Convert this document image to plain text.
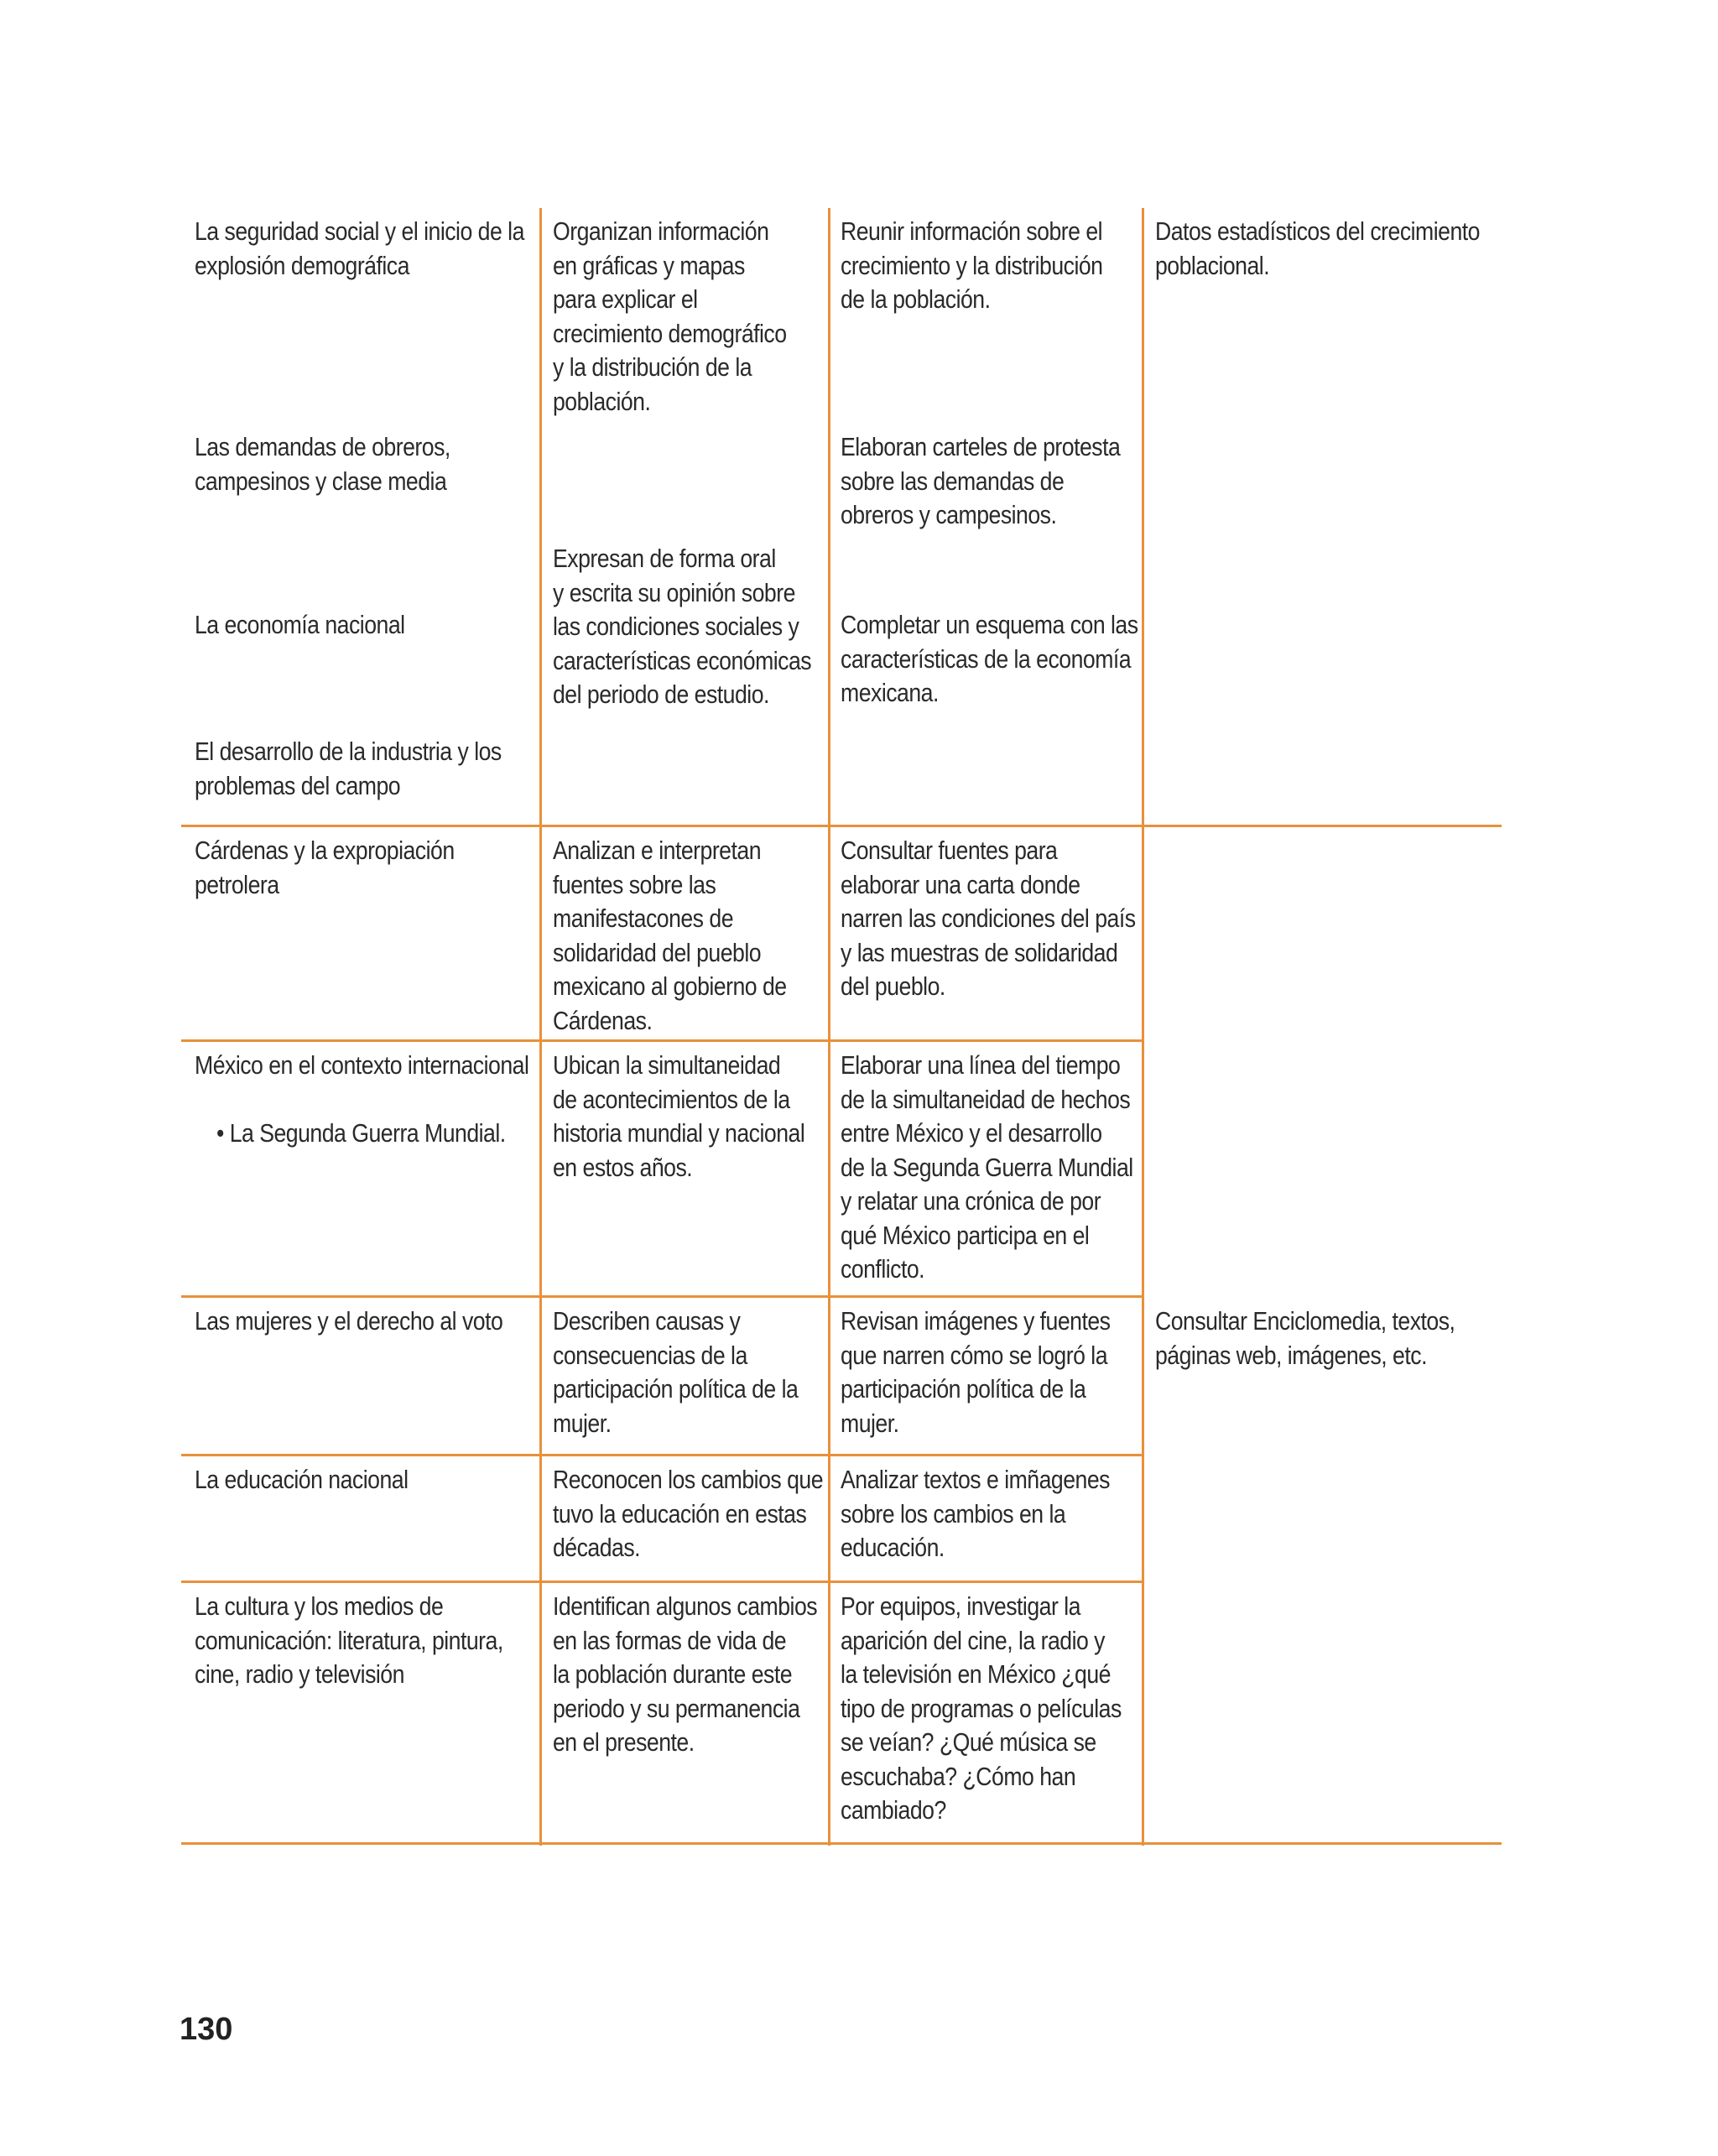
La seguridad social y el inicio de la
explosión demográfica
Organizan información
en gráficas y mapas
para explicar el
crecimiento demográfico
y la distribución de la
población.
Reunir información sobre el
crecimiento y la distribución
de la población.
Datos estadísticos del crecimiento
poblacional.
Las demandas de obreros,
campesinos y clase media
Elaboran carteles de protesta
sobre las demandas de
obreros y campesinos.
Expresan de forma oral
y escrita su opinión sobre
las condiciones sociales y
características económicas
del periodo de estudio.
La economía nacional	Completar un esquema con las
características de la economía
mexicana.
El desarrollo de la industria y los
problemas del campo
Cárdenas y la expropiación
petrolera
Analizan e interpretan
fuentes sobre las
manifestacones de
solidaridad del pueblo
mexicano al gobierno de
Cárdenas.
Consultar fuentes para
elaborar una carta donde
narren las condiciones del país
y las muestras de solidaridad
del pueblo.
México en el contexto internacional
• La Segunda Guerra Mundial.
Ubican la simultaneidad
de acontecimientos de la
historia mundial y nacional
en estos años.
Elaborar una línea del tiempo
de la simultaneidad de hechos
entre México y el desarrollo
de la Segunda Guerra Mundial
y relatar una crónica de por
qué México participa en el
conflicto.
Las mujeres y el derecho al voto Describen causas y
consecuencias de la
participación política de la
mujer.
Revisan imágenes y fuentes
que narren cómo se logró la
participación política de la
mujer.
Consultar Enciclomedia, textos,
páginas web, imágenes, etc.
La educación nacional	Reconocen los cambios que
tuvo la educación en estas
décadas.
Analizar textos e imñagenes
sobre los cambios en la
educación.
La cultura y los medios de
comunicación: literatura, pintura,
cine, radio y televisión
Identifican algunos cambios
en las formas de vida de
la población durante este
periodo y su permanencia
en el presente.
Por equipos, investigar la
aparición del cine, la radio y
la televisión en México ¿qué
tipo de programas o películas
se veían? ¿Qué música se
escuchaba? ¿Cómo han
cambiado?
130
